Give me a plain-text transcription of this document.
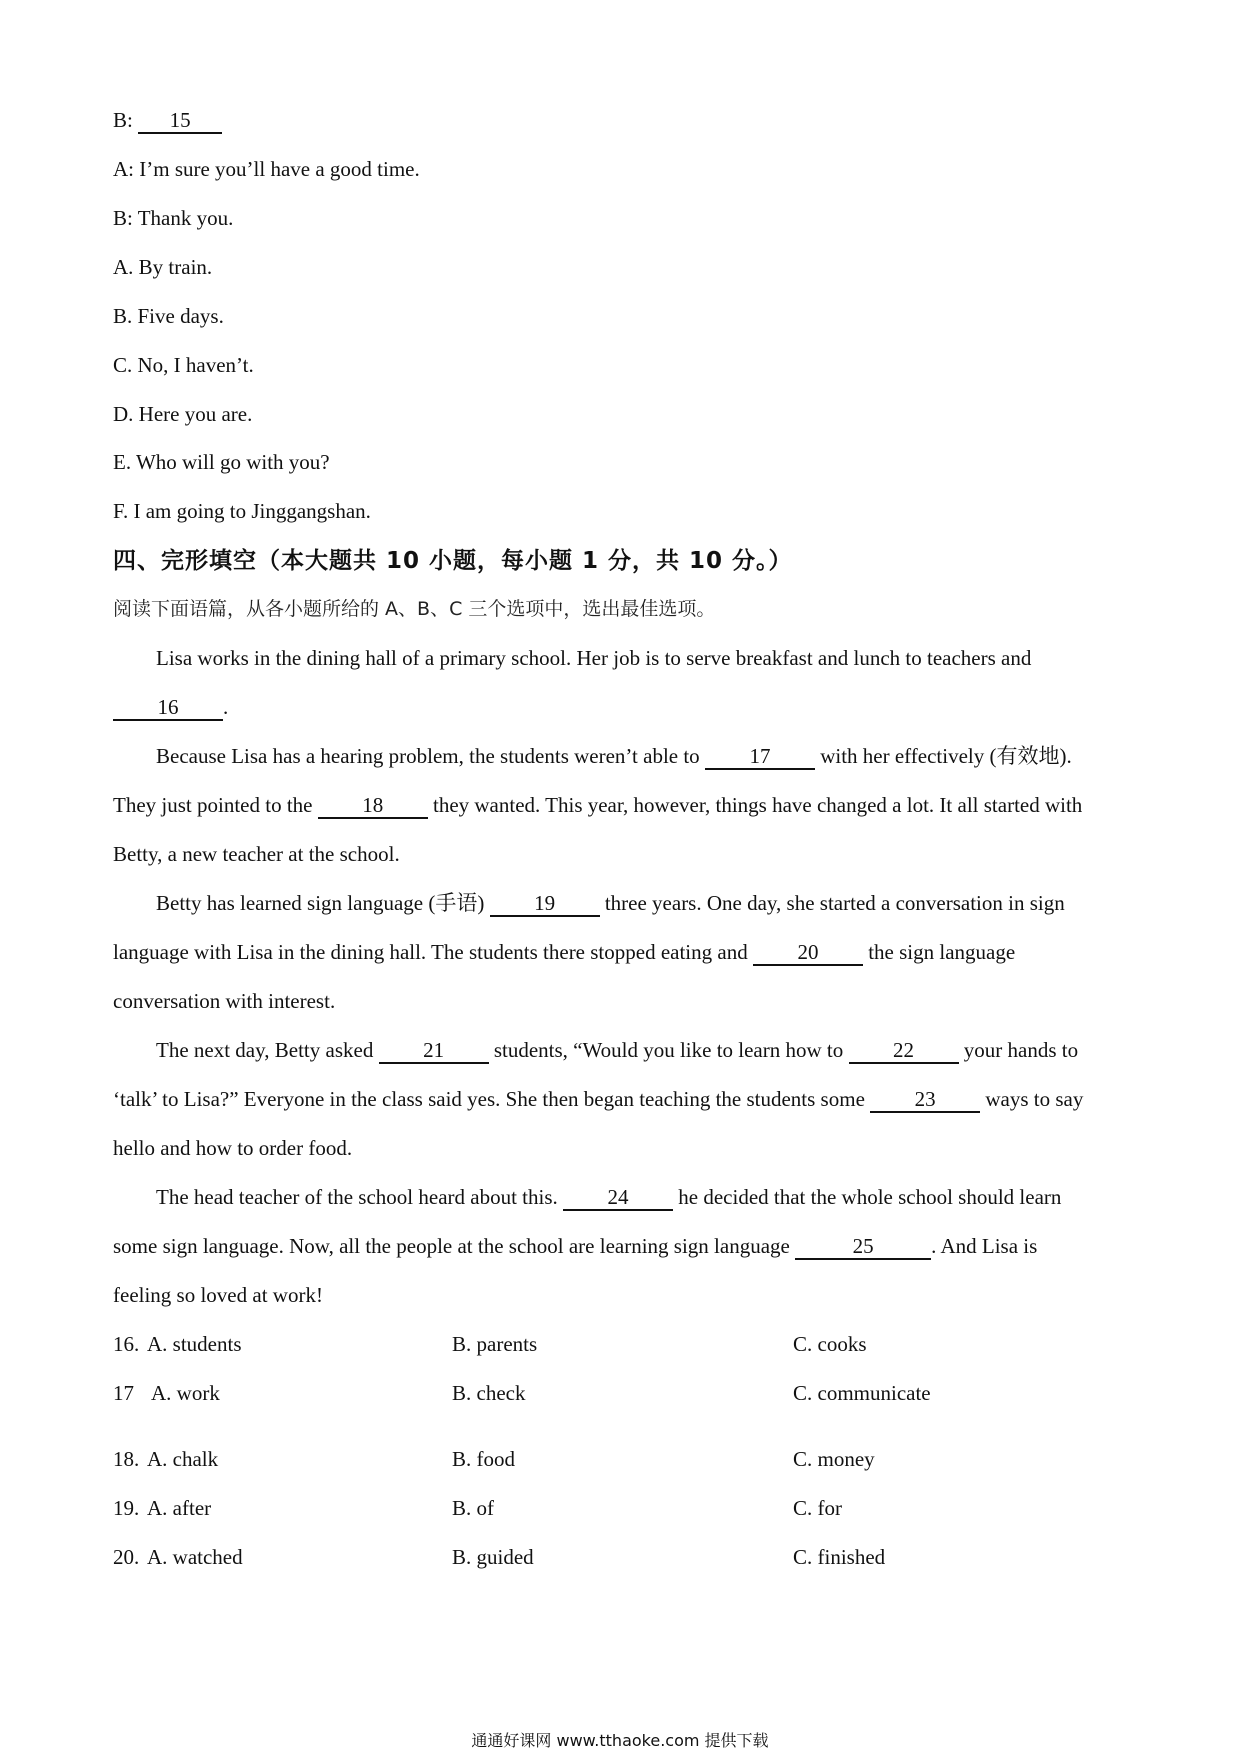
B: 15
A: I’m sure you’ll have a good time.
B: Thank you.
A. By train.
B. Five days.
C. No, I haven’t.
D. Here you are.
E. Who will go with you?
F. I am going to Jinggangshan.
四、完形填空（本大题共 10 小题，每小题 1 分，共 10 分。）
阅读下面语篇，从各小题所给的 A、B、C 三个选项中，选出最佳选项。
Lisa works in the dining hall of a primary school. Her job is to serve breakfast and lunch to teachers and
16 .
Because Lisa has a hearing problem, the students weren’t able to 17 with her effectively (有效地).
They just pointed to the 18 they wanted. This year, however, things have changed a lot. It all started with
Betty, a new teacher at the school.
Betty has learned sign language (手语) 19 three years. One day, she started a conversation in sign
language with Lisa in the dining hall. The students there stopped eating and 20 the sign language
conversation with interest.
The next day, Betty asked 21 students, “Would you like to learn how to 22 your hands to
‘talk’ to Lisa?” Everyone in the class said yes. She then began teaching the students some 23 ways to say
hello and how to order food.
The head teacher of the school heard about this. 24 he decided that the whole school should learn
some sign language. Now, all the people at the school are learning sign language	25	. And Lisa is
feeling so loved at work!
16. A. students	B. parents	C. cooks
17 A. work	B. check	C. communicate
18. A. chalk	B. food	C. money
19. A. after	B. of	C. for
20. A. watched	B. guided	C. finished
通通好课网 www.tthaoke.com 提供下载
